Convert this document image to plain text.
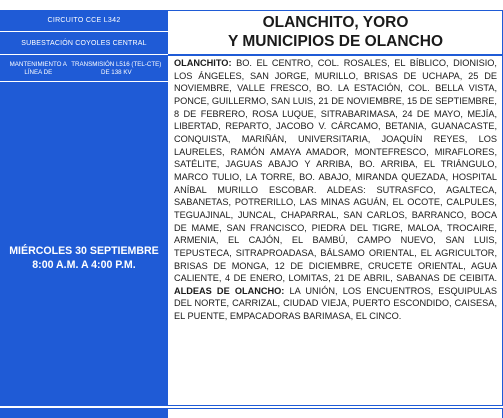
CIRCUITO CCE L342
SUBESTACIÓN COYOLES CENTRAL
MANTENIMIENTO A LÍNEA DE
TRANSMISIÓN L516 (TEL-CTE) DE 138 KV
MIÉRCOLES 30 SEPTIEMBRE
8:00 A.M. A 4:00 P.M.
OLANCHITO, YORO
Y MUNICIPIOS DE OLANCHO
OLANCHITO: BO. EL CENTRO, COL. ROSALES, EL BÍBLICO, DIONISIO, LOS ÁNGELES, SAN JORGE, MURILLO, BRISAS DE UCHAPA, 25 DE NOVIEMBRE, VALLE FRESCO, BO. LA ESTACIÓN, COL. BELLA VISTA, PONCE, GUILLERMO, SAN LUIS, 21 DE NOVIEMBRE, 15 DE SEPTIEMBRE, 8 DE FEBRERO, ROSA LUQUE, SITRABARIMASA, 24 DE MAYO, MEJÍA, LIBERTAD, REPARTO, JACOBO V. CÁRCAMO, BETANIA, GUANACASTE, CONQUISTA, MARIÑÁN, UNIVERSITARIA, JOAQUÍN REYES, LOS LAURELES, RAMÓN AMAYA AMADOR, MONTEFRESCO, MIRAFLORES, SATÉLITE, JAGUAS ABAJO Y ARRIBA, BO. ARRIBA, EL TRIÁNGULO, MARCO TULIO, LA TORRE, BO. ABAJO, MIRANDA QUEZADA, HOSPITAL ANÍBAL MURILLO ESCOBAR. ALDEAS: SUTRASFCO, AGALTECA, SABANETAS, POTRERILLO, LAS MINAS AGUÁN, EL OCOTE, CALPULES, TEGUAJINAL, JUNCAL, CHAPARRAL, SAN CARLOS, BARRANCO, BOCA DE MAME, SAN FRANCISCO, PIEDRA DEL TIGRE, MALOA, TROCAIRE, ARMENIA, EL CAJÓN, EL BAMBÚ, CAMPO NUEVO, SAN LUIS, TEPUSTECA, SITRAPROADASA, BÁLSAMO ORIENTAL, EL AGRICULTOR, BRISAS DE MONGA, 12 DE DICIEMBRE, CRUCETE ORIENTAL, AGUA CALIENTE, 4 DE ENERO, LOMITAS, 21 DE ABRIL, SABANAS DE CEIBITA. ALDEAS DE OLANCHO: LA UNIÓN, LOS ENCUENTROS, ESQUIPULAS DEL NORTE, CARRIZAL, CIUDAD VIEJA, PUERTO ESCONDIDO, CAISESA, EL PUENTE, EMPACADORAS BARIMASA, EL CINCO.
